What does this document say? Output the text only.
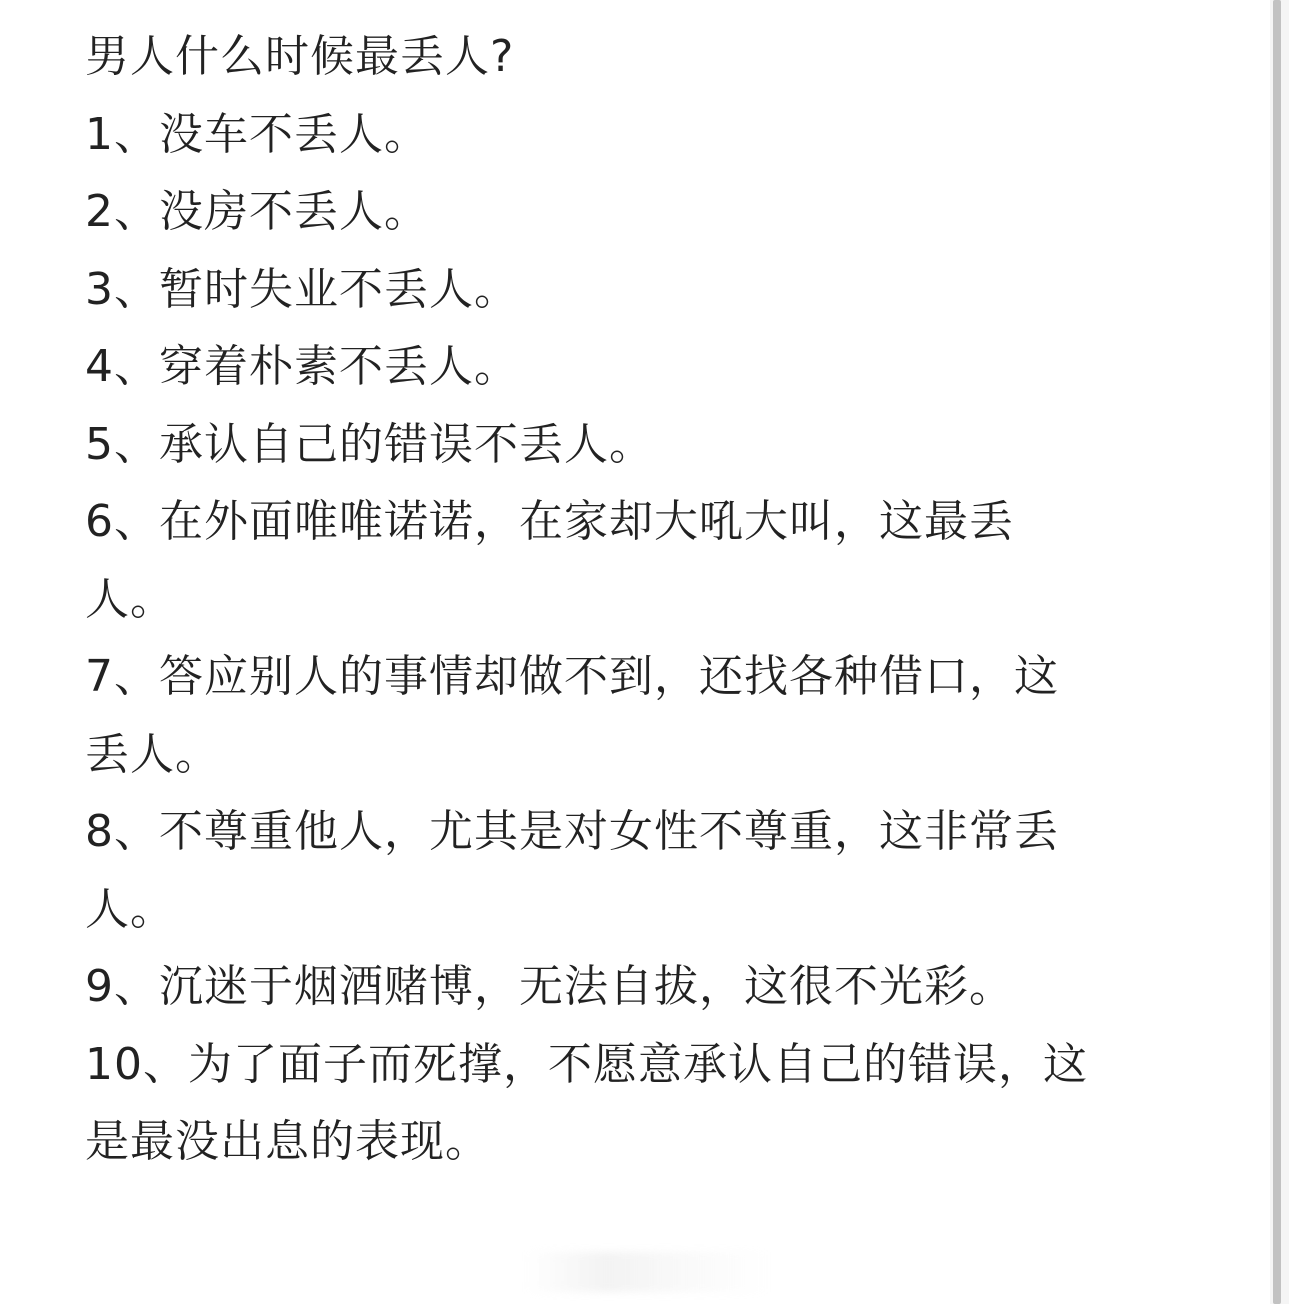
男人什么时候最丢人?
1、没车不丢人。
2、没房不丢人。
3、暂时失业不丢人。
4、穿着朴素不丢人。
5、承认自己的错误不丢人。
6、在外面唯唯诺诺，在家却大吼大叫，这最丢
人。
7、答应别人的事情却做不到，还找各种借口，这
丢人。
8、不尊重他人，尤其是对女性不尊重，这非常丢
人。
9、沉迷于烟酒赌博，无法自拔，这很不光彩。
10、为了面子而死撑，不愿意承认自己的错误，这
是最没出息的表现。
